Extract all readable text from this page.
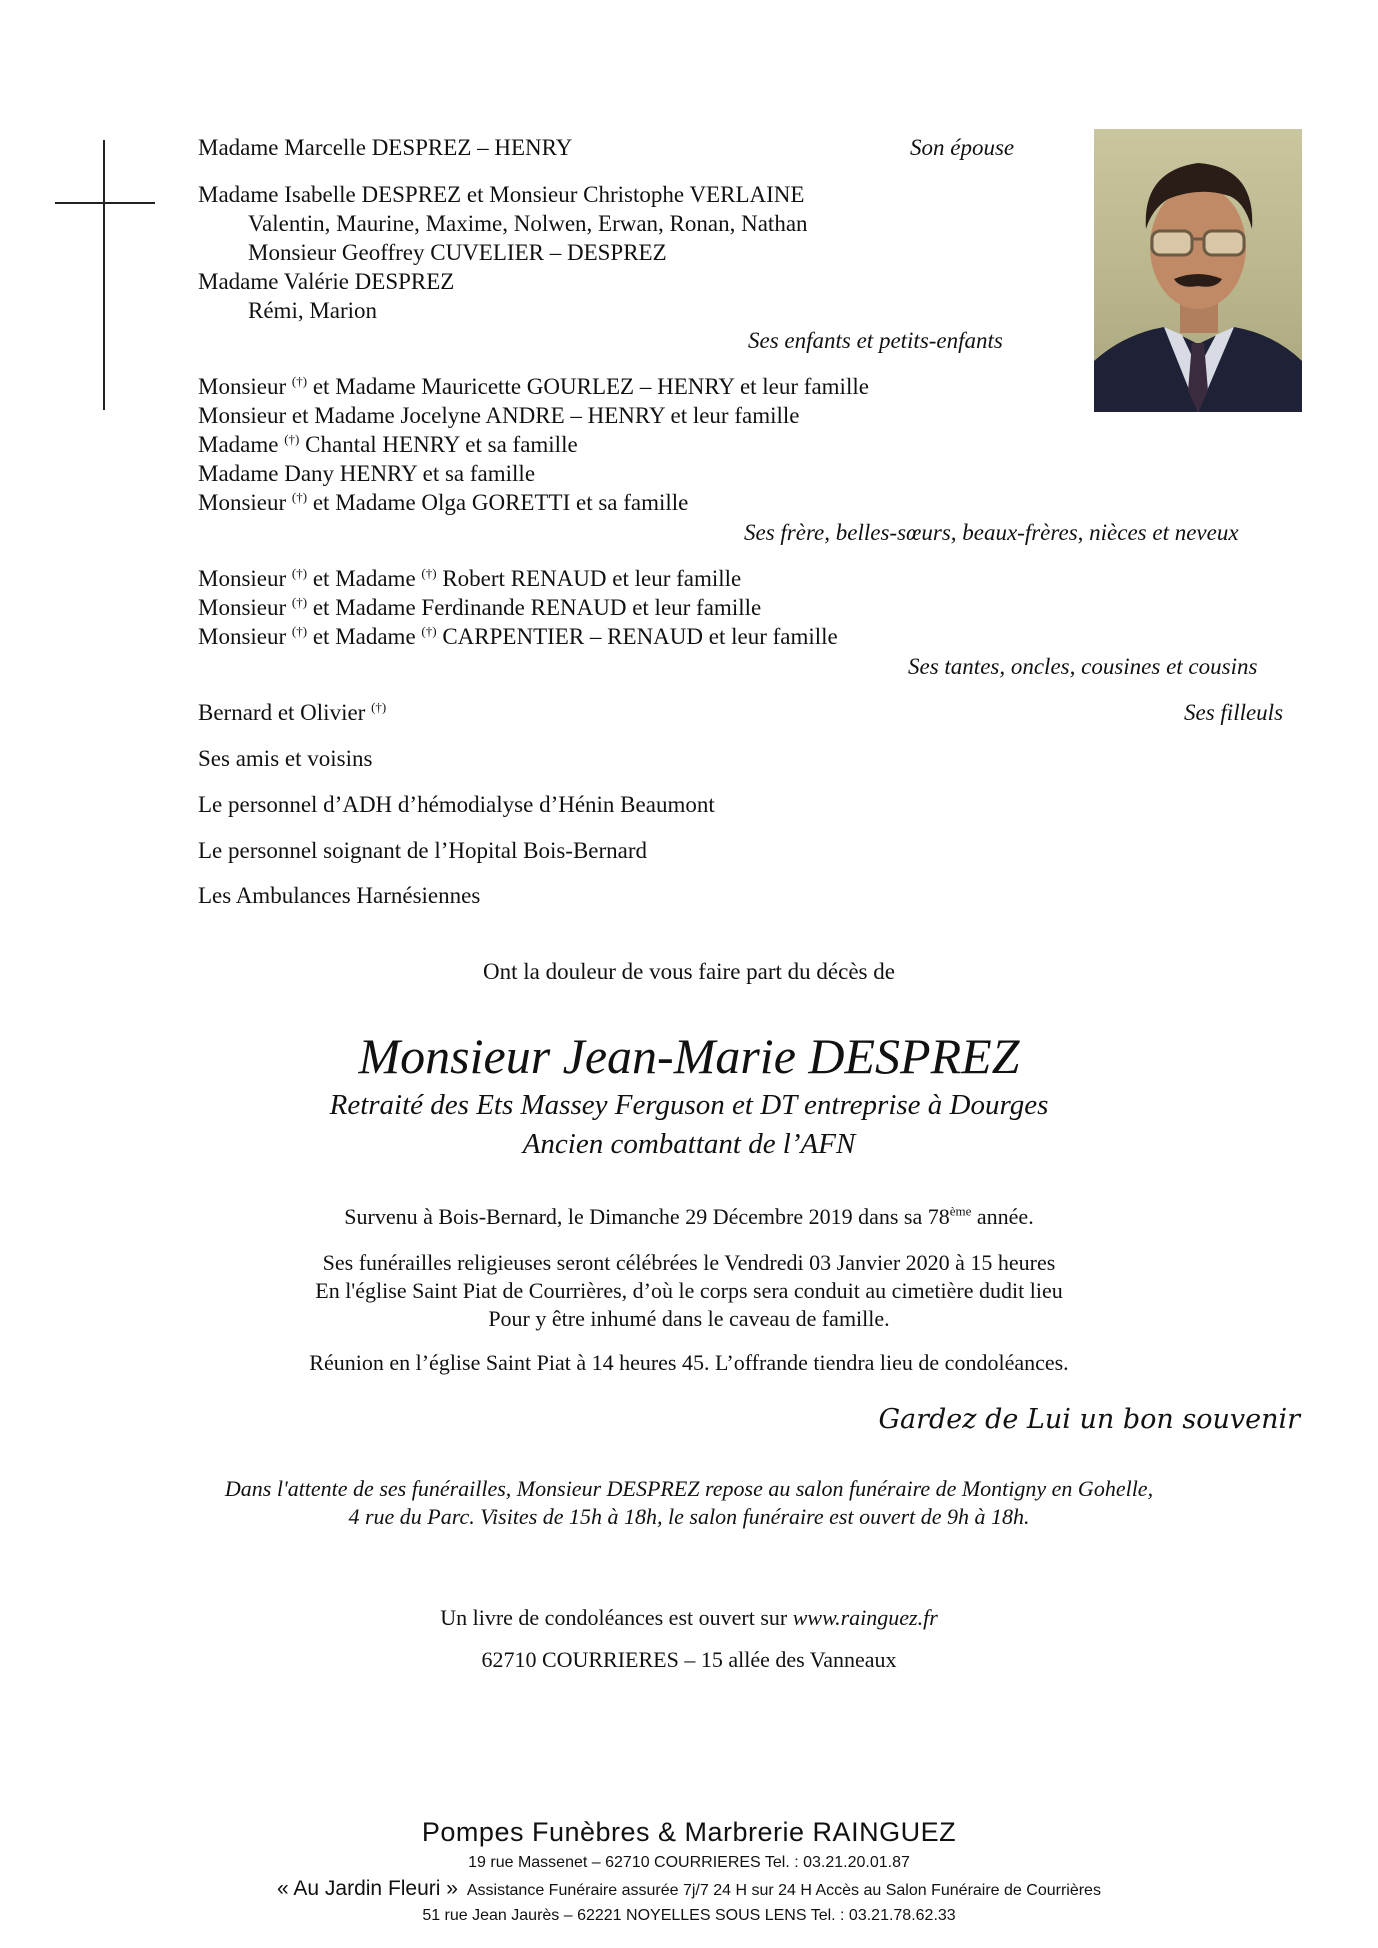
Madame Marcelle DESPREZ – HENRY	Son épouse
Madame Isabelle DESPREZ et Monsieur Christophe VERLAINE
Valentin, Maurine, Maxime, Nolwen, Erwan, Ronan, Nathan
Monsieur Geoffrey CUVELIER – DESPREZ
Madame Valérie DESPREZ
Rémi, Marion
Ses enfants et petits-enfants
Monsieur (†) et Madame Mauricette GOURLEZ – HENRY et leur famille
Monsieur et Madame Jocelyne ANDRE – HENRY et leur famille
Madame (†) Chantal HENRY et sa famille
Madame Dany HENRY et sa famille
Monsieur (†) et Madame Olga GORETTI et sa famille
Ses frère, belles-sœurs, beaux-frères, nièces et neveux
Monsieur (†) et Madame (†) Robert RENAUD et leur famille
Monsieur (†) et Madame Ferdinande RENAUD et leur famille
Monsieur (†) et Madame (†) CARPENTIER – RENAUD et leur famille
Ses tantes, oncles, cousines et cousins
Bernard et Olivier (†)	Ses filleuls
Ses amis et voisins
Le personnel d’ADH d’hémodialyse d’Hénin Beaumont
Le personnel soignant de l’Hopital Bois-Bernard
Les Ambulances Harnésiennes
Ont la douleur de vous faire part du décès de
Monsieur Jean-Marie DESPREZ
Retraité des Ets Massey Ferguson et DT entreprise à Dourges
Ancien combattant de l’AFN
Survenu à Bois-Bernard, le Dimanche 29 Décembre 2019 dans sa 78ème année.
Ses funérailles religieuses seront célébrées le Vendredi 03 Janvier 2020 à 15 heures
En l'église Saint Piat de Courrières, d’où le corps sera conduit au cimetière dudit lieu
Pour y être inhumé dans le caveau de famille.
Réunion en l’église Saint Piat à 14 heures 45. L’offrande tiendra lieu de condoléances.
Gardez de Lui un bon souvenir
Dans l'attente de ses funérailles, Monsieur DESPREZ repose au salon funéraire de Montigny en Gohelle,
4 rue du Parc. Visites de 15h à 18h, le salon funéraire est ouvert de 9h à 18h.
Un livre de condoléances est ouvert sur www.rainguez.fr
62710 COURRIERES – 15 allée des Vanneaux
Pompes Funèbres & Marbrerie RAINGUEZ
19 rue Massenet – 62710 COURRIERES Tel. : 03.21.20.01.87
« Au Jardin Fleuri » Assistance Funéraire assurée 7j/7 24 H sur 24 H Accès au Salon Funéraire de Courrières
51 rue Jean Jaurès – 62221 NOYELLES SOUS LENS Tel. : 03.21.78.62.33
